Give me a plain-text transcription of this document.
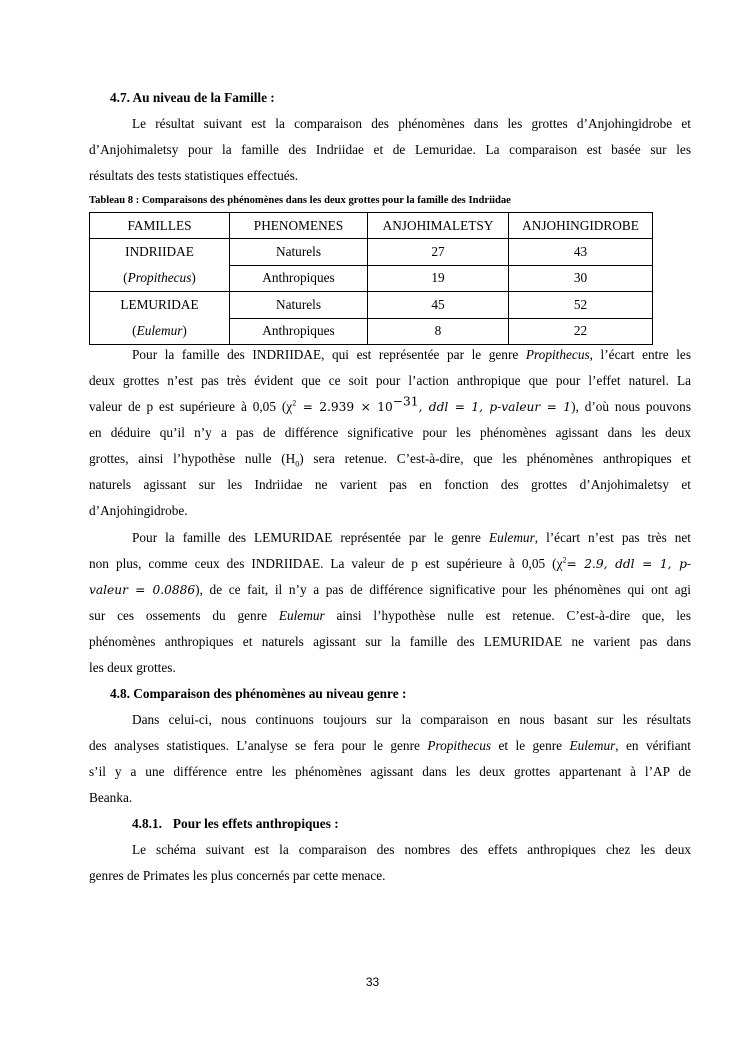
4.7. Au niveau de la Famille :
Le résultat suivant est la comparaison des phénomènes dans les grottes d’Anjohingidrobe et
d’Anjohimaletsy pour la famille des Indriidae et de Lemuridae. La comparaison est basée sur les
résultats des tests statistiques effectués.
Tableau 8 : Comparaisons des phénomènes dans les deux grottes pour la famille des Indriidae
FAMILLES	PHENOMENES	ANJOHIMALETSY	ANJOHINGIDROBE

INDRIIDAE
(Propithecus)	Naturels	27	43
	Anthropiques	19	30

LEMURIDAE
(Eulemur)	Naturels	45	52
	Anthropiques	8	22
Pour la famille des INDRIIDAE, qui est représentée par le genre Propithecus, l’écart entre les
deux grottes n’est pas très évident que ce soit pour l’action anthropique que pour l’effet naturel. La
valeur de p est supérieure à 0,05 ($\chi^2 = 2.939 \times 10^{-31}$, ddl = 1, p-valeur = 1), d’où nous pouvons
en déduire qu’il n’y a pas de différence significative pour les phénomènes agissant dans les deux
grottes, ainsi l’hypothèse nulle $(H_0)$ sera retenue. C’est-à-dire, que les phénomènes anthropiques et
naturels agissant sur les Indriidae ne varient pas en fonction des grottes d’Anjohimaletsy et
d’Anjohingidrobe.
Pour la famille des LEMURIDAE représentée par le genre Eulemur, l’écart n’est pas très net
non plus, comme ceux des INDRIIDAE. La valeur de p est supérieure à 0,05 ($\chi^2= 2.9$, ddl = 1, p-
valeur = 0.0886), de ce fait, il n’y a pas de différence significative pour les phénomènes qui ont agi
sur ces ossements du genre Eulemur ainsi l’hypothèse nulle est retenue. C’est-à-dire que, les
phénomènes anthropiques et naturels agissant sur la famille des LEMURIDAE ne varient pas dans
les deux grottes.
4.8. Comparaison des phénomènes au niveau genre :
Dans celui-ci, nous continuons toujours sur la comparaison en nous basant sur les résultats
des analyses statistiques. L’analyse se fera pour le genre Propithecus et le genre Eulemur, en vérifiant
s’il y a une différence entre les phénomènes agissant dans les deux grottes appartenant à l’AP de
Beanka.
4.8.1. Pour les effets anthropiques :
Le schéma suivant est la comparaison des nombres des effets anthropiques chez les deux
genres de Primates les plus concernés par cette menace.
33
